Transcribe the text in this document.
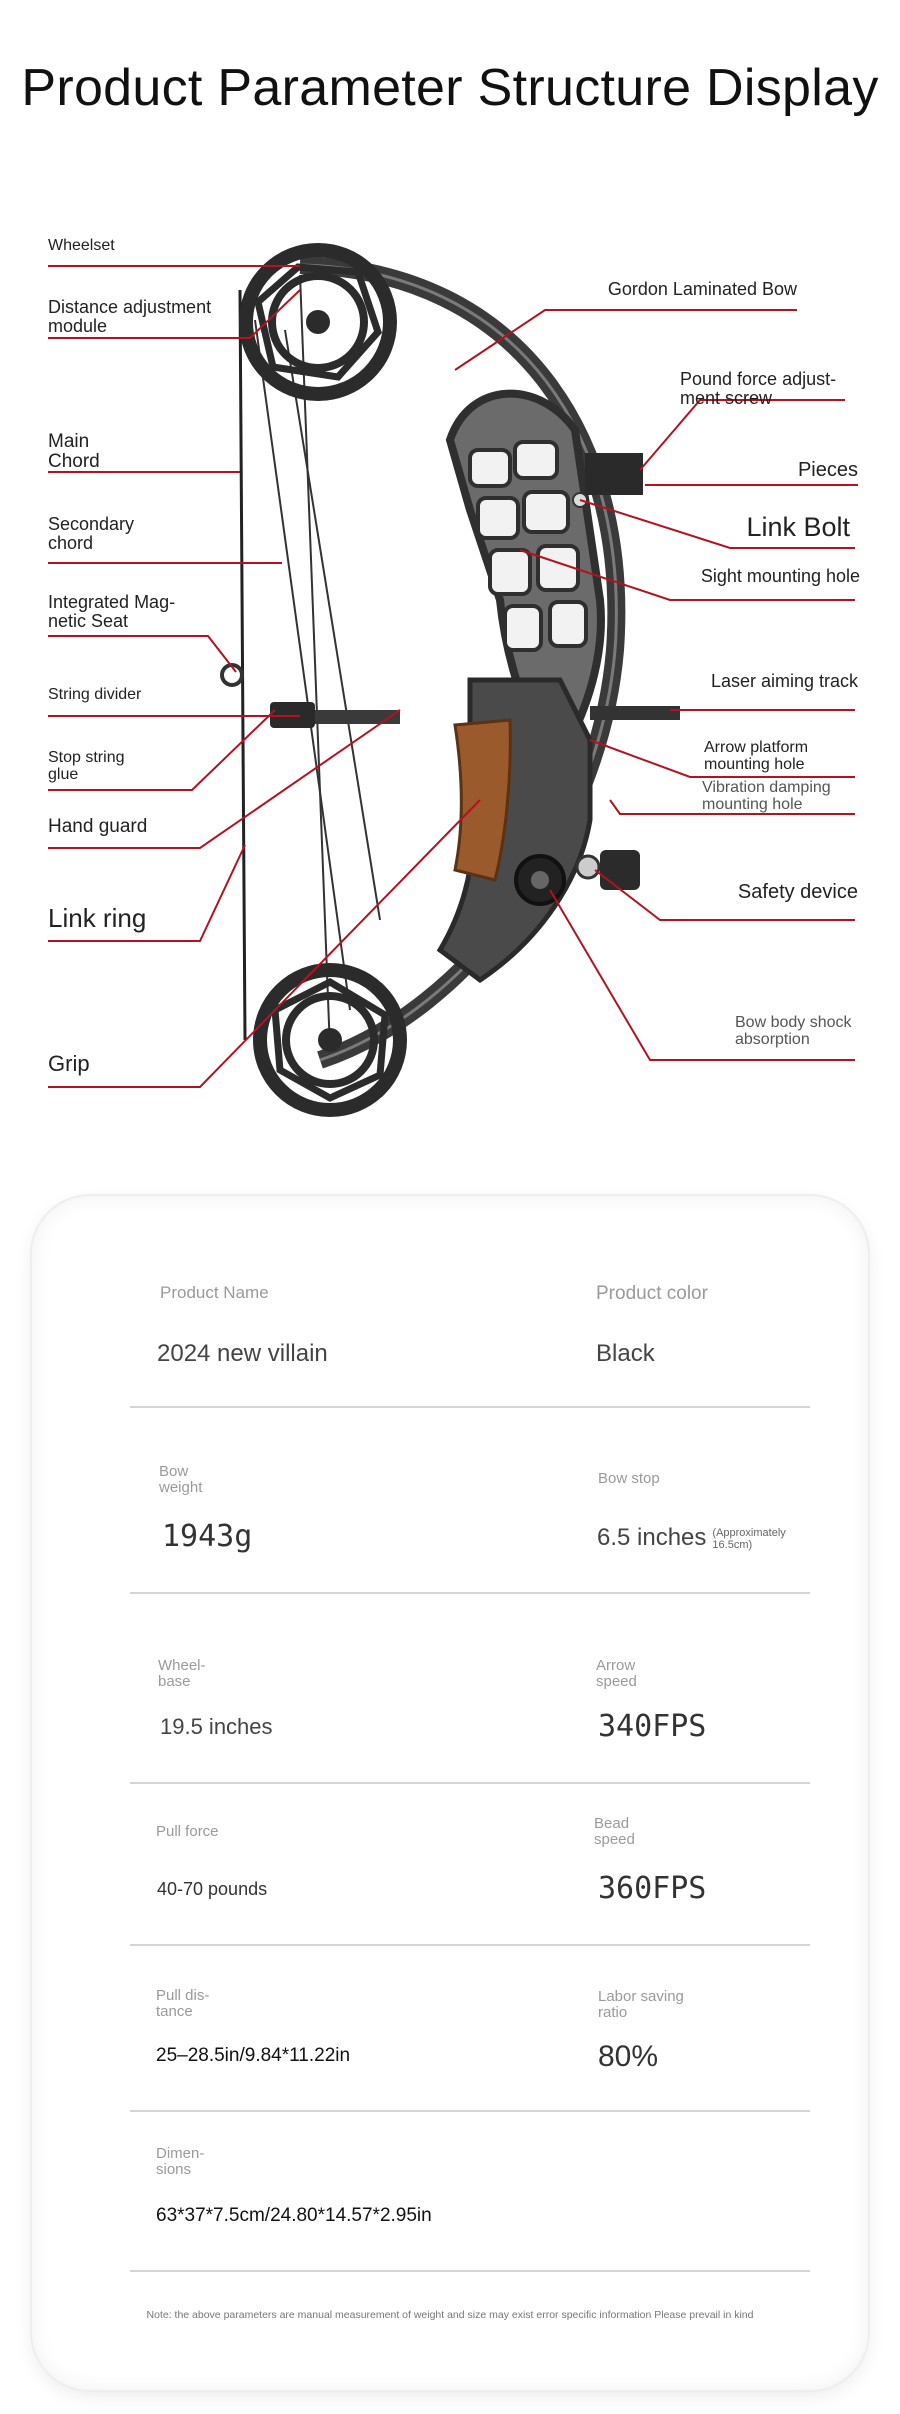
Product Parameter Structure Display
Wheelset
Distance adjustment module
Main Chord
Secondary chord
Integrated Mag-netic Seat
String divider
Stop string glue
Hand guard
Link ring
Grip
Gordon Laminated Bow
Pound force adjust-ment screw
Pieces
Link Bolt
Sight mounting hole
Laser aiming track
Arrow platform mounting hole
Vibration damping mounting hole
Safety device
Bow body shock absorption
Product Name
2024 new villain
Product color
Black
Bow weight
1943g
Bow stop
6.5 inches (Approximately 16.5cm)
Wheel-base
19.5 inches
Arrow speed
340FPS
Pull force
40-70 pounds
Bead speed
360FPS
Pull dis-tance
25–28.5in/9.84*11.22in
Labor saving ratio
80%
Dimen-sions
63*37*7.5cm/24.80*14.57*2.95in
Note: the above parameters are manual measurement of weight and size may exist error specific information Please prevail in kind
